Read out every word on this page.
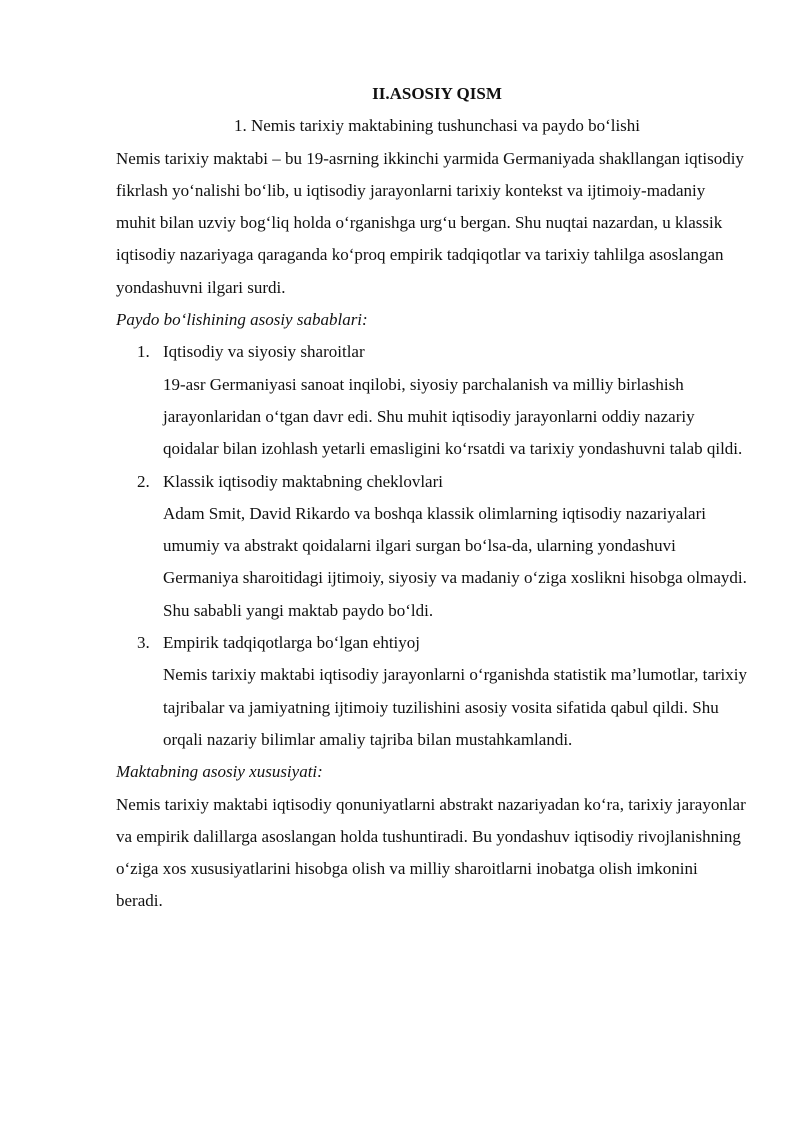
II.ASOSIY QISM

1. Nemis tarixiy maktabining tushunchasi va paydo bo‘lishi

Nemis tarixiy maktabi – bu 19-asrning ikkinchi yarmida Germaniyada shakllangan iqtisodiy fikrlash yo‘nalishi bo‘lib, u iqtisodiy jarayonlarni tarixiy kontekst va ijtimoiy-madaniy muhit bilan uzviy bog‘liq holda o‘rganishga urg‘u bergan. Shu nuqtai nazardan, u klassik iqtisodiy nazariyaga qaraganda ko‘proq empirik tadqiqotlar va tarixiy tahlilga asoslangan yondashuvni ilgari surdi.

Paydo bo‘lishining asosiy sabablari:

1. Iqtisodiy va siyosiy sharoitlar
19-asr Germaniyasi sanoat inqilobi, siyosiy parchalanish va milliy birlashish jarayonlaridan o‘tgan davr edi. Shu muhit iqtisodiy jarayonlarni oddiy nazariy qoidalar bilan izohlash yetarli emasligini ko‘rsatdi va tarixiy yondashuvni talab qildi.
2. Klassik iqtisodiy maktabning cheklovlari
Adam Smit, David Rikardo va boshqa klassik olimlarning iqtisodiy nazariyalari umumiy va abstrakt qoidalarni ilgari surgan bo‘lsa-da, ularning yondashuvi Germaniya sharoitidagi ijtimoiy, siyosiy va madaniy o‘ziga xoslikni hisobga olmaydi. Shu sababli yangi maktab paydo bo‘ldi.
3. Empirik tadqiqotlarga bo‘lgan ehtiyoj
Nemis tarixiy maktabi iqtisodiy jarayonlarni o‘rganishda statistik ma’lumotlar, tarixiy tajribalar va jamiyatning ijtimoiy tuzilishini asosiy vosita sifatida qabul qildi. Shu orqali nazariy bilimlar amaliy tajriba bilan mustahkamlandi.

Maktabning asosiy xususiyati:

Nemis tarixiy maktabi iqtisodiy qonuniyatlarni abstrakt nazariyadan ko‘ra, tarixiy jarayonlar va empirik dalillarga asoslangan holda tushuntiradi. Bu yondashuv iqtisodiy rivojlanishning o‘ziga xos xususiyatlarini hisobga olish va milliy sharoitlarni inobatga olish imkonini beradi.
